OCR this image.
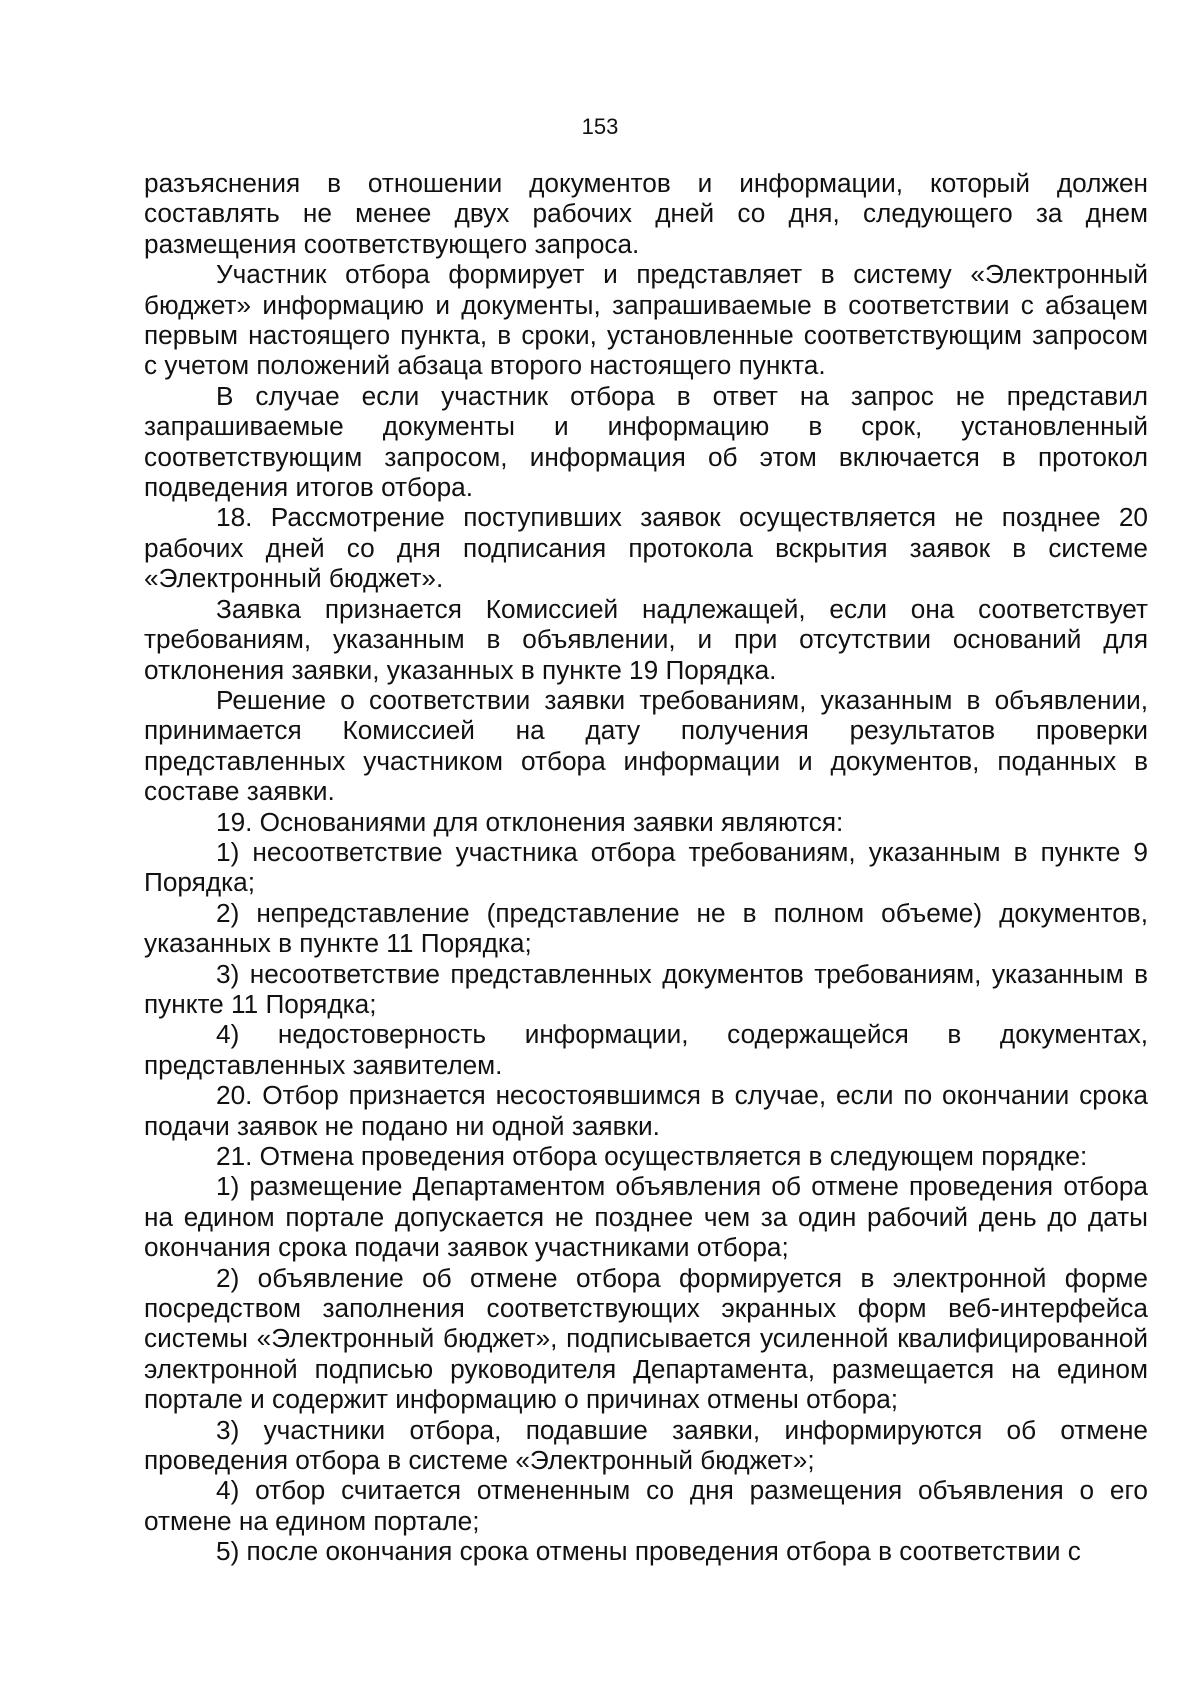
153

разъяснения в отношении документов и информации, который должен составлять не менее двух рабочих дней со дня, следующего за днем размещения соответствующего запроса.

Участник отбора формирует и представляет в систему «Электронный бюджет» информацию и документы, запрашиваемые в соответствии с абзацем первым настоящего пункта, в сроки, установленные соответствующим запросом с учетом положений абзаца второго настоящего пункта.

В случае если участник отбора в ответ на запрос не представил запрашиваемые документы и информацию в срок, установленный соответствующим запросом, информация об этом включается в протокол подведения итогов отбора.

18. Рассмотрение поступивших заявок осуществляется не позднее 20 рабочих дней со дня подписания протокола вскрытия заявок в системе «Электронный бюджет».

Заявка признается Комиссией надлежащей, если она соответствует требованиям, указанным в объявлении, и при отсутствии оснований для отклонения заявки, указанных в пункте 19 Порядка.

Решение о соответствии заявки требованиям, указанным в объявлении, принимается Комиссией на дату получения результатов проверки представленных участником отбора информации и документов, поданных в составе заявки.

19. Основаниями для отклонения заявки являются:

1) несоответствие участника отбора требованиям, указанным в пункте 9 Порядка;

2) непредставление (представление не в полном объеме) документов, указанных в пункте 11 Порядка;

3) несоответствие представленных документов требованиям, указанным в пункте 11 Порядка;

4) недостоверность информации, содержащейся в документах, представленных заявителем.

20. Отбор признается несостоявшимся в случае, если по окончании срока подачи заявок не подано ни одной заявки.

21. Отмена проведения отбора осуществляется в следующем порядке:

1) размещение Департаментом объявления об отмене проведения отбора на едином портале допускается не позднее чем за один рабочий день до даты окончания срока подачи заявок участниками отбора;

2) объявление об отмене отбора формируется в электронной форме посредством заполнения соответствующих экранных форм веб-интерфейса системы «Электронный бюджет», подписывается усиленной квалифицированной электронной подписью руководителя Департамента, размещается на едином портале и содержит информацию о причинах отмены отбора;

3) участники отбора, подавшие заявки, информируются об отмене проведения отбора в системе «Электронный бюджет»;

4) отбор считается отмененным со дня размещения объявления о его отмене на едином портале;

5) после окончания срока отмены проведения отбора в соответствии с
